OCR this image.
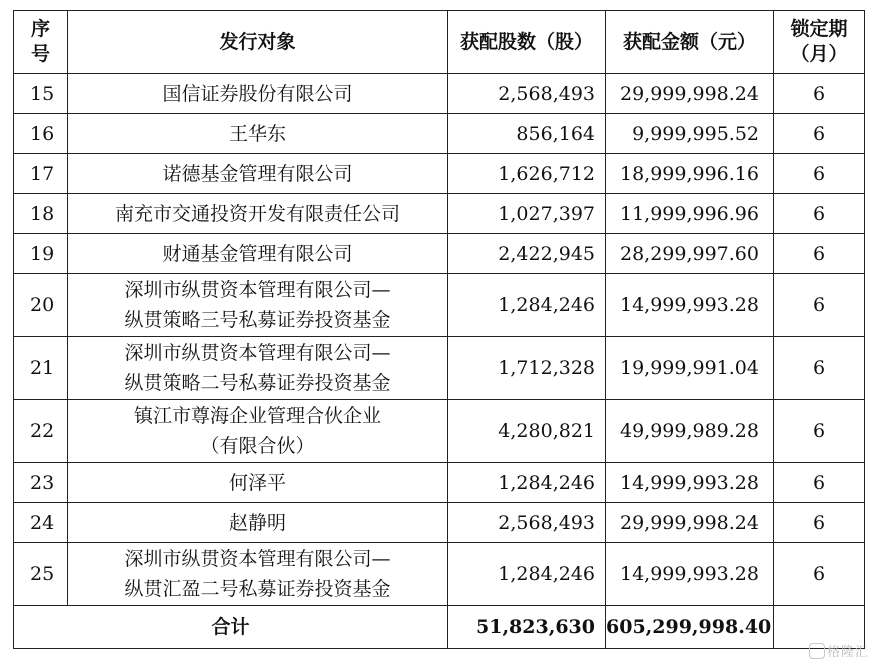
序
号	发行对象	获配股数（股）	获配金额（元）	锁定期
（月）

15	国信证券股份有限公司	2,568,493	29,999,998.24	6
16	王华东	856,164	9,999,995.52	6
17	诺德基金管理有限公司	1,626,712	18,999,996.16	6
18	南充市交通投资开发有限责任公司	1,027,397	11,999,996.96	6
19	财通基金管理有限公司	2,422,945	28,299,997.60	6
20	深圳市纵贯资本管理有限公司—
纵贯策略三号私募证券投资基金	1,284,246	14,999,993.28	6
21	深圳市纵贯资本管理有限公司—
纵贯策略二号私募证券投资基金	1,712,328	19,999,991.04	6
22	镇江市尊海企业管理合伙企业
（有限合伙）	4,280,821	49,999,989.28	6
23	何泽平	1,284,246	14,999,993.28	6
24	赵静明	2,568,493	29,999,998.24	6
25	深圳市纵贯资本管理有限公司—
纵贯汇盈二号私募证券投资基金	1,284,246	14,999,993.28	6
合计		51,823,630	605,299,998.40	
格隆汇
